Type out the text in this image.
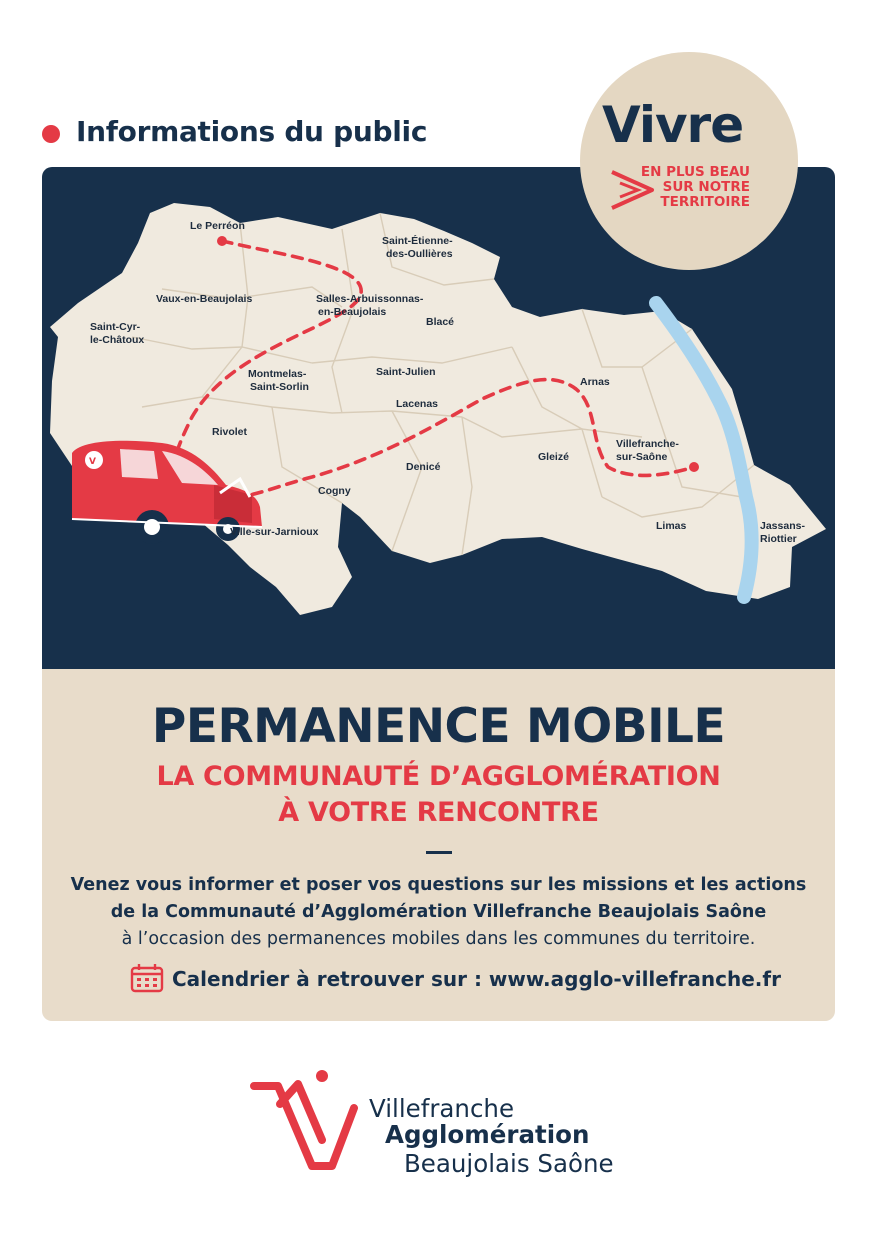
Informations du public	Vivre
EN PLUS BEAU
SUR NOTRE
TERRITOIRE
V
Le Perréon
Saint-Étienne-
des-Oullières
Vaux-en-Beaujolais	Salles-Arbuissonnas-
en-Beaujolais
Saint-Cyr-
le-Châtoux
Blacé
Montmelas-
Saint-Sorlin
Saint-Julien
Arnas
Lacenas
Rivolet
Villefranche-
sur-Saône
Gleizé
Denicé
Cogny
Limas	Jassans-
Riottier
Ville-sur-Jarnioux
PERMANENCE MOBILE
LA COMMUNAUTÉ D’AGGLOMÉRATION
À VOTRE RENCONTRE
Venez vous informer et poser vos questions sur les missions et les actions
de la Communauté d’Agglomération Villefranche Beaujolais Saône
à l’occasion des permanences mobiles dans les communes du territoire.
Calendrier à retrouver sur : www.agglo-villefranche.fr
Villefranche
Agglomération
Beaujolais Saône
